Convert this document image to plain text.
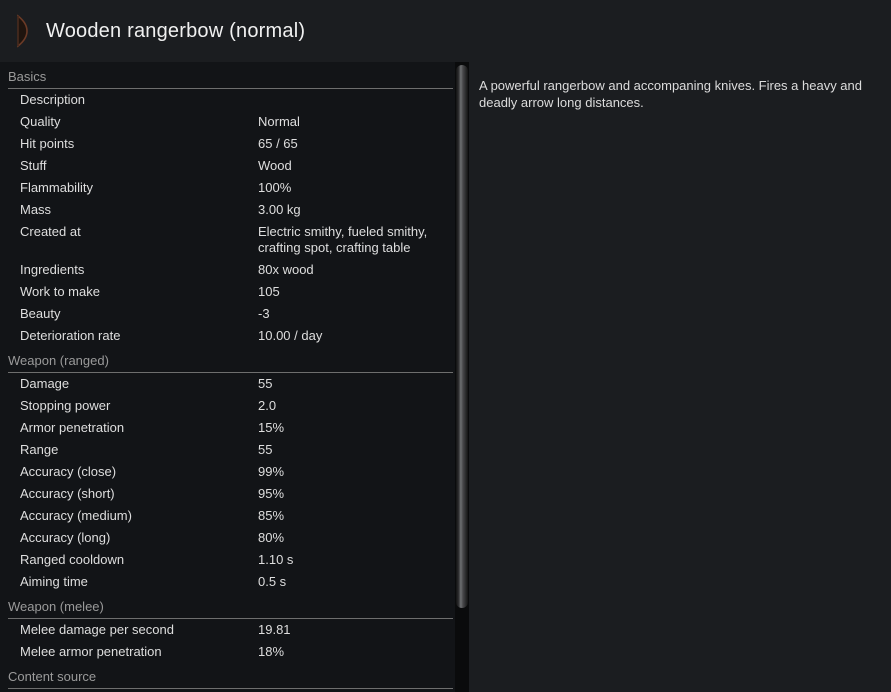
Wooden rangerbow (normal)
Basics
Description
Quality	Normal
Hit points	65 / 65
Stuff	Wood
Flammability	100%
Mass	3.00 kg
Created at	Electric smithy, fueled smithy, crafting spot, crafting table
Ingredients	80x wood
Work to make	105
Beauty	-3
Deterioration rate	10.00 / day
Weapon (ranged)
Damage	55
Stopping power	2.0
Armor penetration	15%
Range	55
Accuracy (close)	99%
Accuracy (short)	95%
Accuracy (medium)	85%
Accuracy (long)	80%
Ranged cooldown	1.10 s
Aiming time	0.5 s
Weapon (melee)
Melee damage per second	19.81
Melee armor penetration	18%
Content source
A powerful rangerbow and accompaning knives. Fires a heavy and deadly arrow long distances.
